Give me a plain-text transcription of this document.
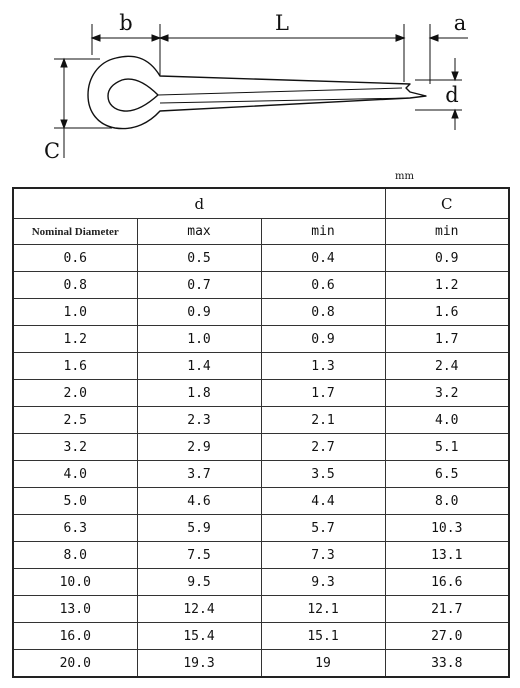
b	L	a
d
C
mm
d			C
Nominal Diameter	max	min	min
0.6	0.5	0.4	0.9
0.8	0.7	0.6	1.2
1.0	0.9	0.8	1.6
1.2	1.0	0.9	1.7
1.6	1.4	1.3	2.4
2.0	1.8	1.7	3.2
2.5	2.3	2.1	4.0
3.2	2.9	2.7	5.1
4.0	3.7	3.5	6.5
5.0	4.6	4.4	8.0
6.3	5.9	5.7	10.3
8.0	7.5	7.3	13.1
10.0	9.5	9.3	16.6
13.0	12.4	12.1	21.7
16.0	15.4	15.1	27.0
20.0	19.3	19	33.8
